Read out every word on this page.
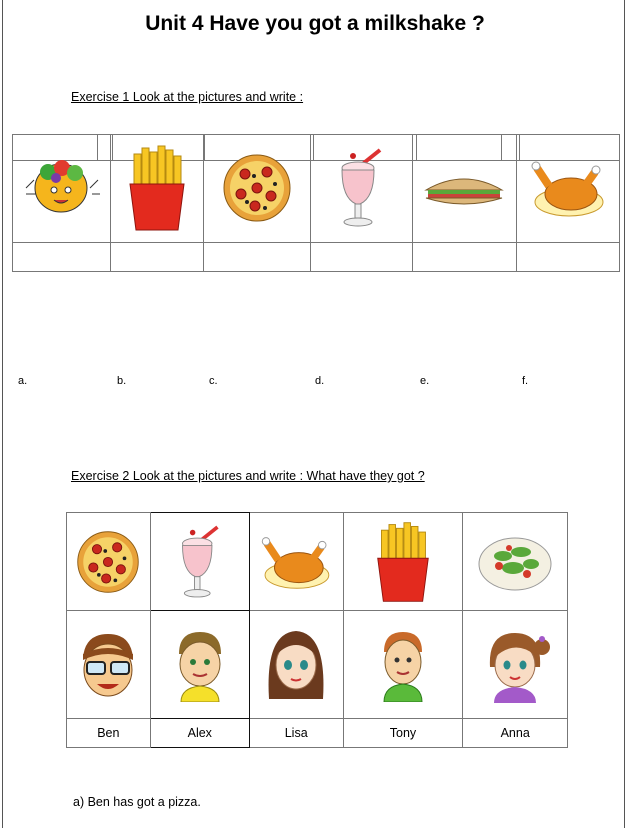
Unit 4 Have you got a milkshake ?
Exercise 1 Look at the pictures and write :

a.	b.	c.	d.	e.	f.
Exercise 2 Look at the pictures and write : What have they got ?

Ben	Alex	Lisa	Tony	Anna
a) Ben has got a pizza.
